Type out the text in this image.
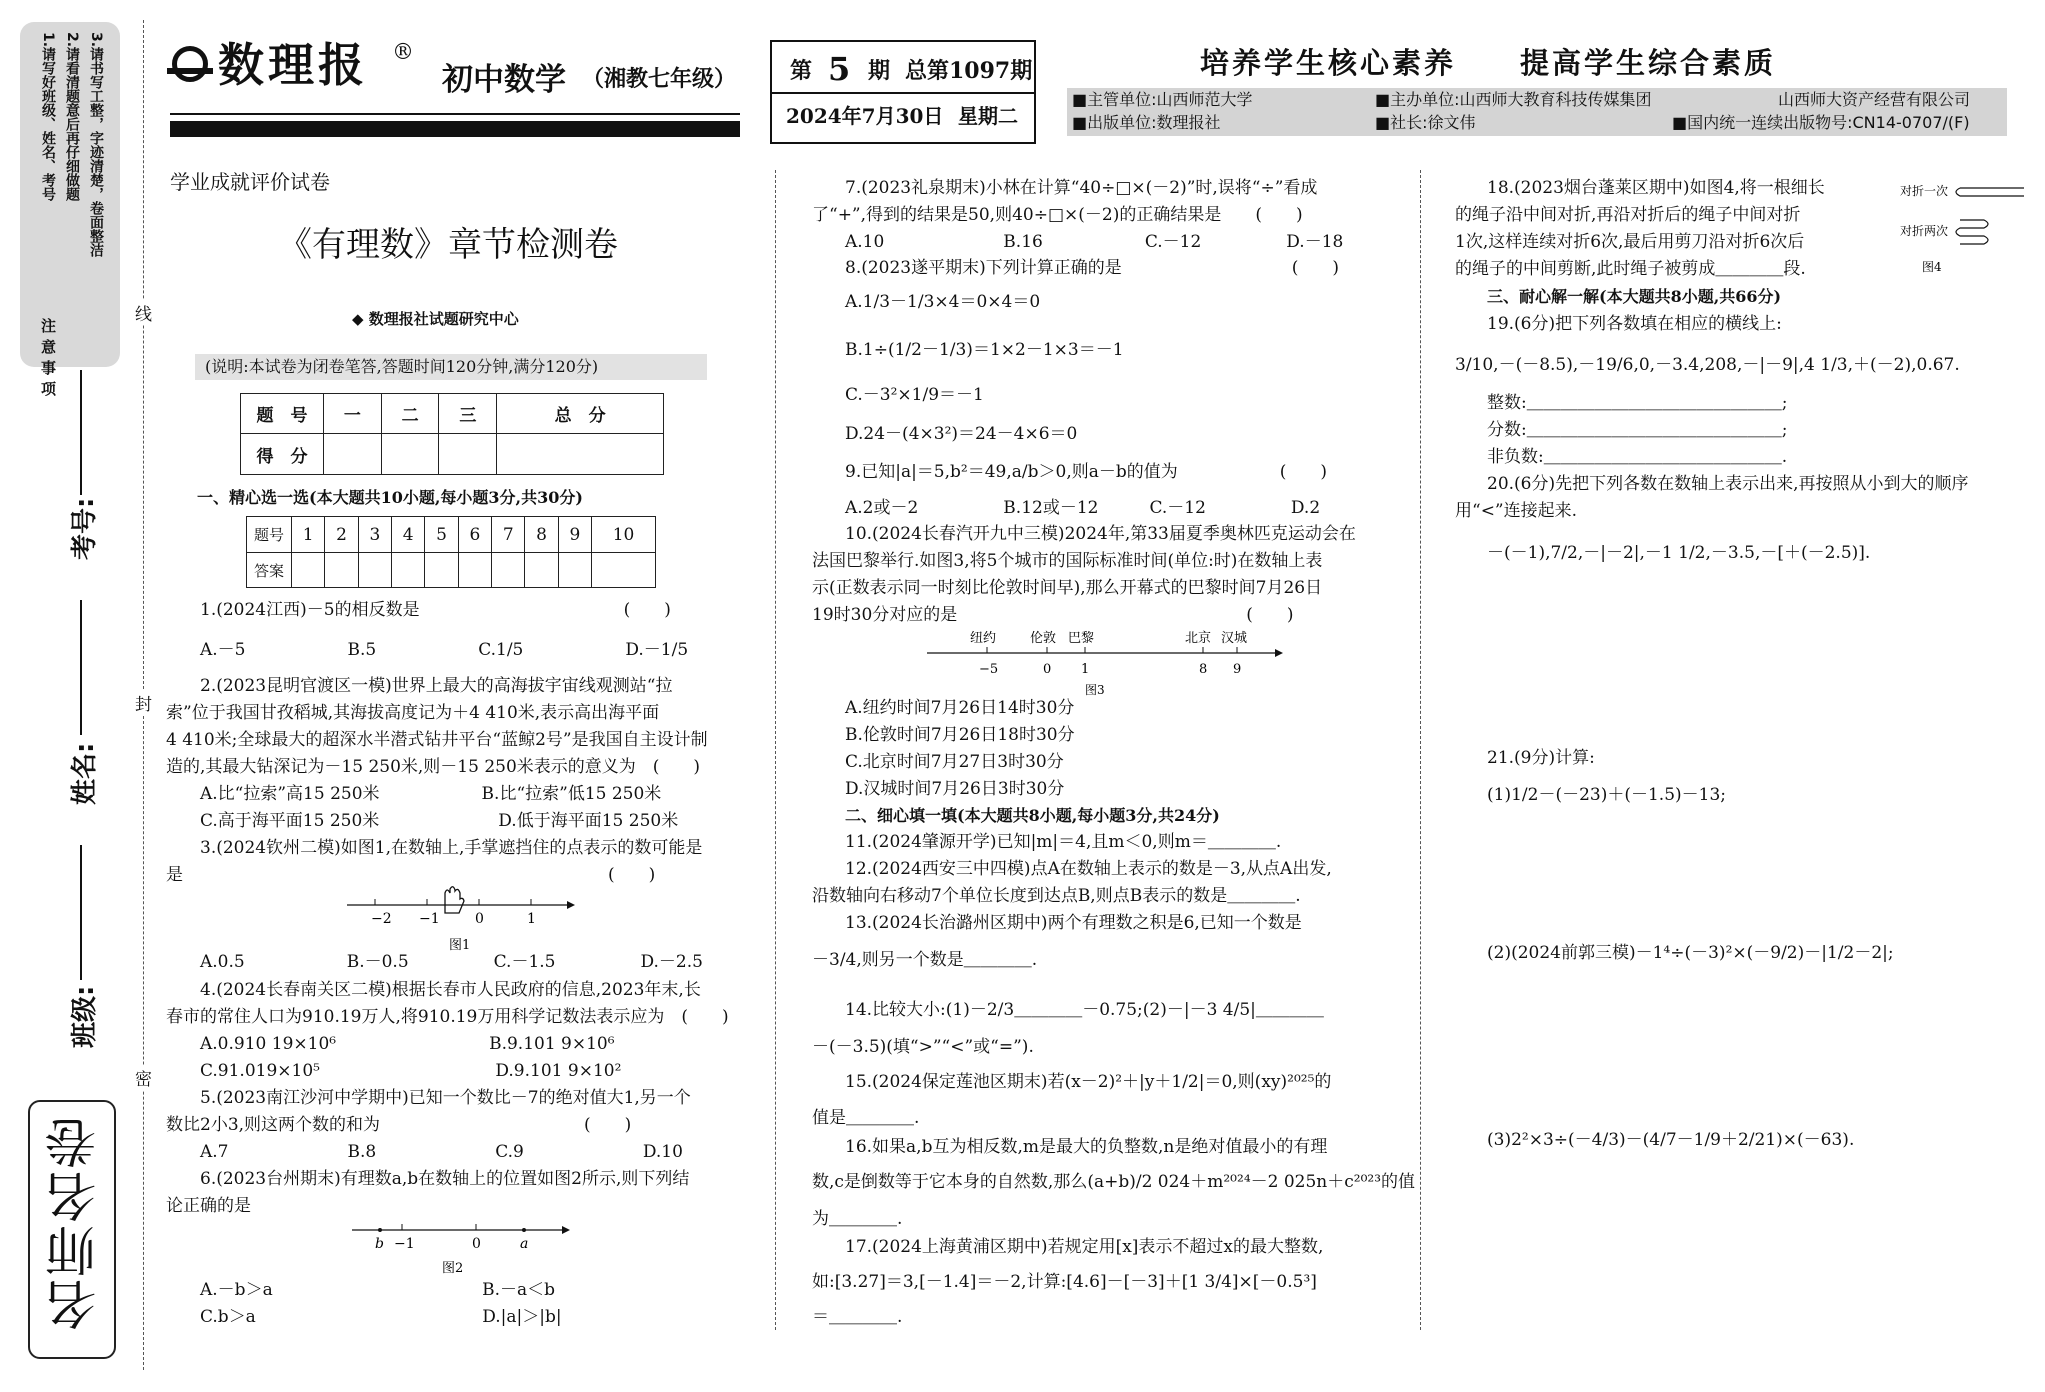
注意事项
1.请写好班级、姓名、考号 2.请看清题意后再仔细做题 3.请书写工整，字迹清楚，卷面整洁
考号:
姓名:
班级:
线
封
密
名师名卷
数理报 ®
初中数学 （湘教七年级） 第 5 期 总第1097期
2024年7月30日 星期二
培养学生核心素养　　提高学生综合素质
■主管单位:山西师范大学	■主办单位:山西师大教育科技传媒集团	山西师大资产经营有限公司
■出版单位:数理报社	■社长:徐文伟	■国内统一连续出版物号:CN14-0707/(F)
学业成就评价试卷
《有理数》章节检测卷
◆ 数理报社试题研究中心
(说明:本试卷为闭卷笔答,答题时间120分钟,满分120分)
题　号	一	二	三	总　分
得　分				
一、精心选一选(本大题共10小题,每小题3分,共30分)
题号	1	2	3	4	5	6	7	8	9	10
答案										
1.(2024江西)－5的相反数是　　　　　　　　　　　　(　　)
A.－5　　　　　　B.5　　　　　　C.1/5　　　　　　D.－1/5
2.(2023昆明官渡区一模)世界上最大的高海拔宇宙线观测站“拉
索”位于我国甘孜稻城,其海拔高度记为＋4 410米,表示高出海平面
4 410米;全球最大的超深水半潜式钻井平台“蓝鲸2号”是我国自主设计制
造的,其最大钻深记为－15 250米,则－15 250米表示的意义为　(　　)
A.比“拉索”高15 250米　　　　　　B.比“拉索”低15 250米
C.高于海平面15 250米　　　　　　　D.低于海平面15 250米
3.(2024钦州二模)如图1,在数轴上,手掌遮挡住的点表示的数可能是
是　　　　　　　　　　　　　　　　　　　　　　　　　(　　)
−2 −1	0	1
图1
A.0.5　　　　　　B.－0.5　　　　　C.－1.5　　　　　D.－2.5
4.(2024长春南关区二模)根据长春市人民政府的信息,2023年末,长
春市的常住人口为910.19万人,将910.19万用科学记数法表示应为　(　　)
A.0.910 19×10⁶　　　　　　　　　B.9.101 9×10⁶
C.91.019×10⁵　　　　　　　　　　 D.9.101 9×10²
5.(2023南江沙河中学期中)已知一个数比－7的绝对值大1,另一个
数比2小3,则这两个数的和为　　　　　　　　　　　　(　　)
A.7　　　　　　　B.8　　　　　　　C.9　　　　　　　D.10
6.(2023台州期末)有理数a,b在数轴上的位置如图2所示,则下列结
论正确的是
b −1	0	a
图2
A.－b＞a　　　　　　　　　　　　 B.－a＜b
C.b＞a　　　　　　　　　　　　　 D.|a|＞|b|
7.(2023礼泉期末)小林在计算“40÷□×(－2)”时,误将“÷”看成
了“+”,得到的结果是50,则40÷□×(－2)的正确结果是　　(　　)
A.10　　　　　　　B.16　　　　　　C.－12　　　　　D.－18
8.(2023遂平期末)下列计算正确的是　　　　　　　　　　(　　)
A.1/3－1/3×4＝0×4＝0
B.1÷(1/2－1/3)＝1×2－1×3＝－1
C.－3²×1/9＝－1
D.24－(4×3²)＝24－4×6＝0
9.已知|a|＝5,b²＝49,a/b＞0,则a－b的值为　　　　　　(　　)
A.2或－2　　　　　B.12或－12　　　C.－12　　　　　D.2
10.(2024长春汽开九中三模)2024年,第33届夏季奥林匹克运动会在
法国巴黎举行.如图3,将5个城市的国际标准时间(单位:时)在数轴上表
示(正数表示同一时刻比伦敦时间早),那么开幕式的巴黎时间7月26日
19时30分对应的是　　　　　　　　　　　　　　　　　(　　)
纽约	伦敦 巴黎	北京 汉城
−5	0 1	8 9
图3
A.纽约时间7月26日14时30分
B.伦敦时间7月26日18时30分
C.北京时间7月27日3时30分
D.汉城时间7月26日3时30分
二、细心填一填(本大题共8小题,每小题3分,共24分)
11.(2024肇源开学)已知|m|＝4,且m＜0,则m＝＿＿＿＿.
12.(2024西安三中四模)点A在数轴上表示的数是－3,从点A出发,
沿数轴向右移动7个单位长度到达点B,则点B表示的数是＿＿＿＿.
13.(2024长治潞州区期中)两个有理数之积是6,已知一个数是
－3/4,则另一个数是＿＿＿＿.
14.比较大小:(1)－2/3＿＿＿＿－0.75;(2)－|－3 4/5|＿＿＿＿
－(－3.5)(填“>”“<”或“=”).
15.(2024保定莲池区期末)若(x－2)²＋|y＋1/2|＝0,则(xy)²⁰²⁵的
值是＿＿＿＿.
16.如果a,b互为相反数,m是最大的负整数,n是绝对值最小的有理
数,c是倒数等于它本身的自然数,那么(a+b)/2 024＋m²⁰²⁴－2 025n＋c²⁰²³的值
为＿＿＿＿.
17.(2024上海黄浦区期中)若规定用[x]表示不超过x的最大整数,
如:[3.27]＝3,[－1.4]＝－2,计算:[4.6]－[－3]＋[1 3/4]×[－0.5³]
＝＿＿＿＿.
18.(2023烟台蓬莱区期中)如图4,将一根细长
的绳子沿中间对折,再沿对折后的绳子中间对折
1次,这样连续对折6次,最后用剪刀沿对折6次后
的绳子的中间剪断,此时绳子被剪成＿＿＿＿段.
对折一次
对折两次
图4
三、耐心解一解(本大题共8小题,共66分)
19.(6分)把下列各数填在相应的横线上:
3/10,－(－8.5),－19/6,0,－3.4,208,－|－9|,4 1/3,＋(－2),0.67.
整数:＿＿＿＿＿＿＿＿＿＿＿＿＿＿＿;
分数:＿＿＿＿＿＿＿＿＿＿＿＿＿＿＿;
非负数:＿＿＿＿＿＿＿＿＿＿＿＿＿＿.
20.(6分)先把下列各数在数轴上表示出来,再按照从小到大的顺序
用“<”连接起来.
－(－1),7/2,－|－2|,－1 1/2,－3.5,－[＋(－2.5)].
21.(9分)计算:
(1)1/2－(－23)＋(－1.5)－13;
(2)(2024前郭三模)－1⁴÷(－3)²×(－9/2)－|1/2－2|;
(3)2²×3÷(－4/3)－(4/7－1/9＋2/21)×(－63).
